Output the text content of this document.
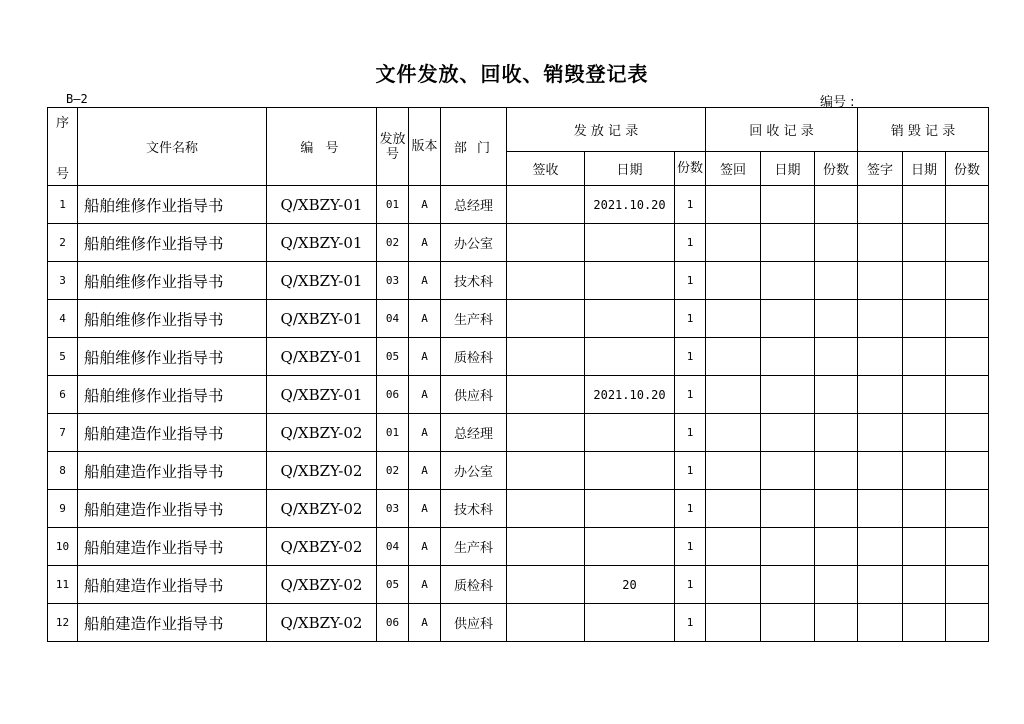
文件发放、回收、销毁登记表
B—2	编号 :
序
号	文件名称	编 号	发放号	版本	部 门	发 放 记 录			回 收 记 录			销 毁 记 录		
						签收	日期	份数	签回	日期	份数	签字	日期	份数
1	船舶维修作业指导书	Q/XBZY-01	01	A	总经理		2021.10.20	1						
2	船舶维修作业指导书	Q/XBZY-01	02	A	办公室			1						
3	船舶维修作业指导书	Q/XBZY-01	03	A	技术科			1						
4	船舶维修作业指导书	Q/XBZY-01	04	A	生产科			1						
5	船舶维修作业指导书	Q/XBZY-01	05	A	质检科			1						
6	船舶维修作业指导书	Q/XBZY-01	06	A	供应科		2021.10.20	1						
7	船舶建造作业指导书	Q/XBZY-02	01	A	总经理			1						
8	船舶建造作业指导书	Q/XBZY-02	02	A	办公室			1						
9	船舶建造作业指导书	Q/XBZY-02	03	A	技术科			1						
10	船舶建造作业指导书	Q/XBZY-02	04	A	生产科			1						
11	船舶建造作业指导书	Q/XBZY-02	05	A	质检科		20	1						
12	船舶建造作业指导书	Q/XBZY-02	06	A	供应科			1						
